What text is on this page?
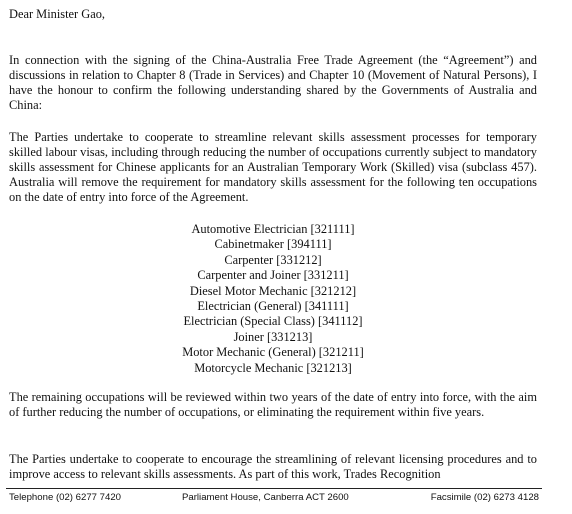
Dear Minister Gao,

In connection with the signing of the China-Australia Free Trade Agreement (the “Agreement”) and discussions in relation to Chapter 8 (Trade in Services) and Chapter 10 (Movement of Natural Persons), I have the honour to confirm the following understanding shared by the Governments of Australia and China:

The Parties undertake to cooperate to streamline relevant skills assessment processes for temporary skilled labour visas, including through reducing the number of occupations currently subject to mandatory skills assessment for Chinese applicants for an Australian Temporary Work (Skilled) visa (subclass 457). Australia will remove the requirement for mandatory skills assessment for the following ten occupations on the date of entry into force of the Agreement.

Automotive Electrician [321111]
Cabinetmaker [394111]
Carpenter [331212]
Carpenter and Joiner [331211]
Diesel Motor Mechanic [321212]
Electrician (General) [341111]
Electrician (Special Class) [341112]
Joiner [331213]
Motor Mechanic (General) [321211]
Motorcycle Mechanic [321213]

The remaining occupations will be reviewed within two years of the date of entry into force, with the aim of further reducing the number of occupations, or eliminating the requirement within five years.

The Parties undertake to cooperate to encourage the streamlining of relevant licensing procedures and to improve access to relevant skills assessments. As part of this work, Trades Recognition

Telephone (02) 6277 7420	Parliament House, Canberra ACT 2600	Facsimile (02) 6273 4128
